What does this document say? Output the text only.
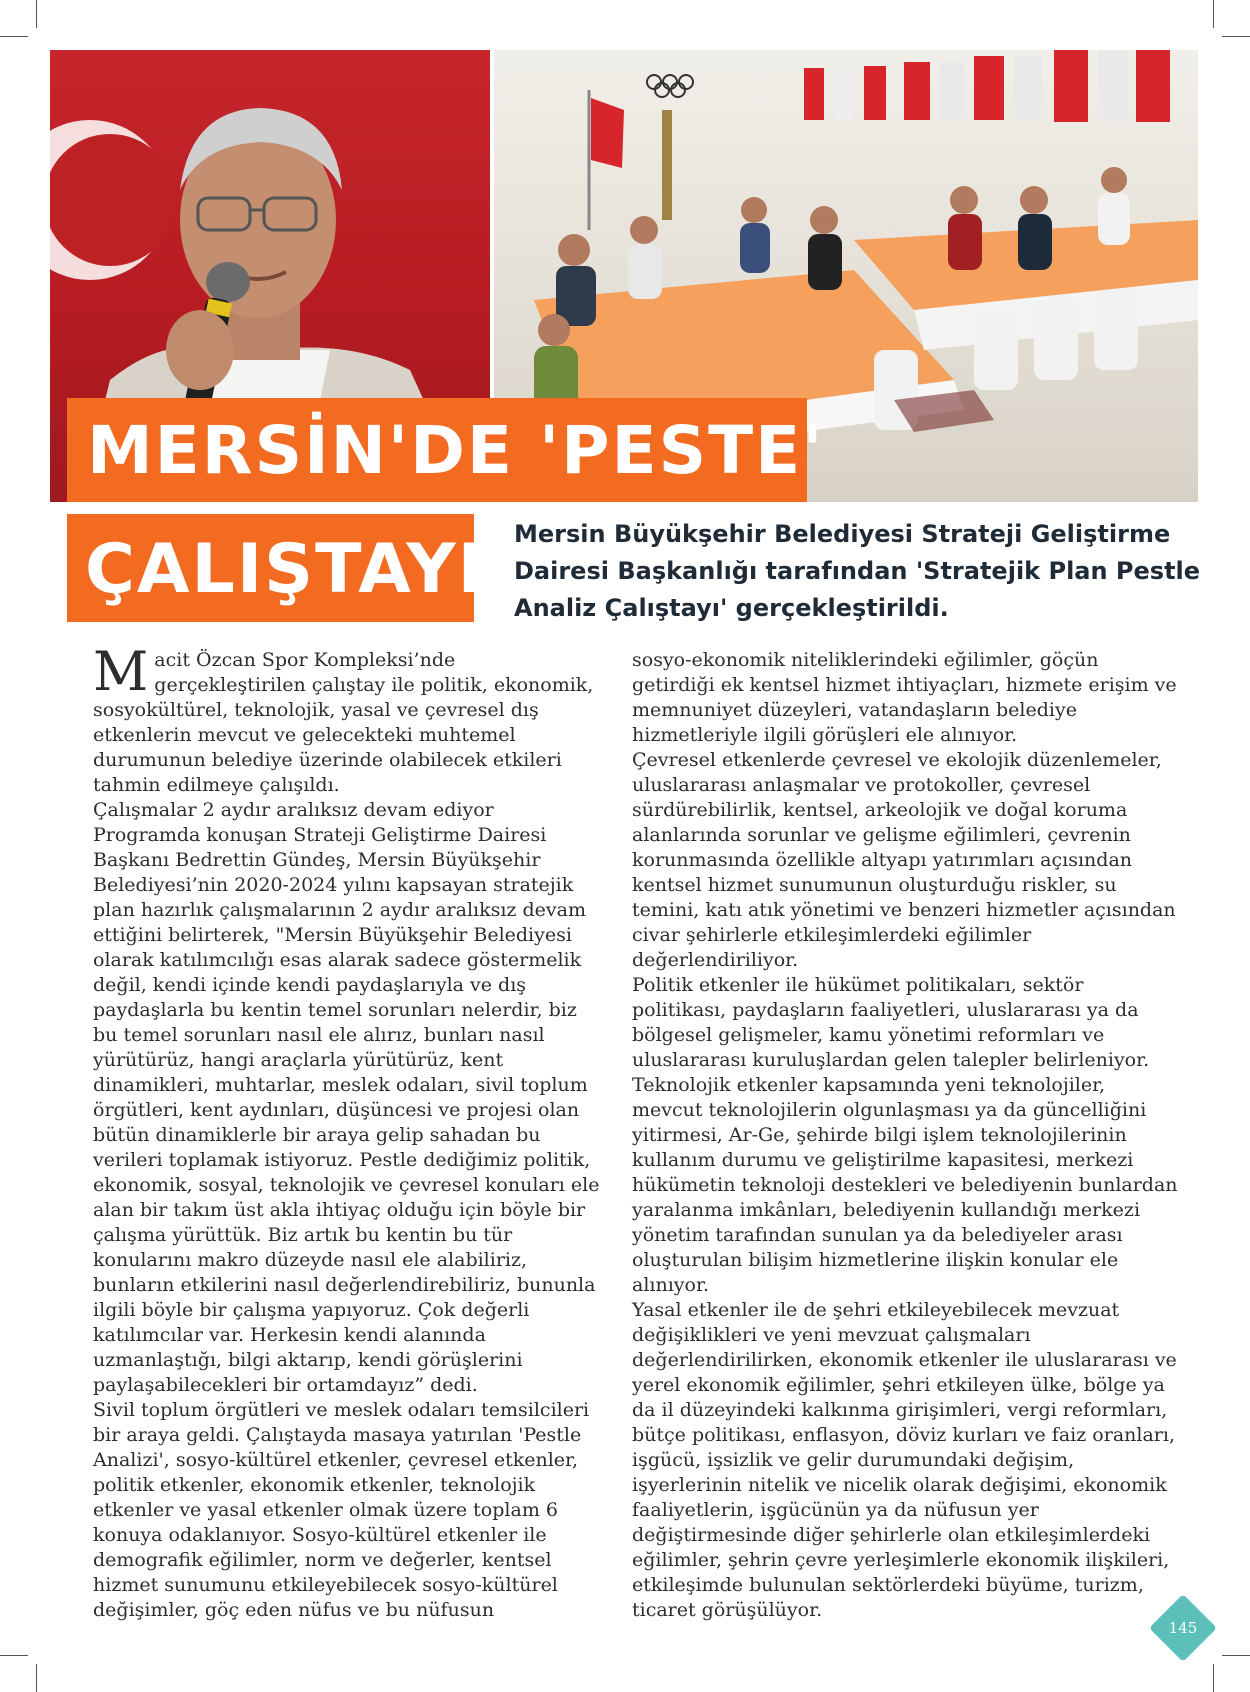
MERSİN'DE 'PESTE'
ÇALIŞTAYI Mersin Büyükşehir Belediyesi Strateji Geliştirme Dairesi Başkanlığı tarafından 'Stratejik Plan Pestle Analiz Çalıştayı' gerçekleştirildi.

Macit Özcan Spor Kompleksi’nde gerçekleştirilen çalıştay ile politik, ekonomik, sosyokültürel, teknolojik, yasal ve çevresel dış etkenlerin mevcut ve gelecekteki muhtemel durumunun belediye üzerinde olabilecek etkileri tahmin edilmeye çalışıldı.

Çalışmalar 2 aydır aralıksız devam ediyor

Programda konuşan Strateji Geliştirme Dairesi Başkanı Bedrettin Gündeş, Mersin Büyükşehir Belediyesi’nin 2020-2024 yılını kapsayan stratejik plan hazırlık çalışmalarının 2 aydır aralıksız devam ettiğini belirterek, "Mersin Büyükşehir Belediyesi olarak katılımcılığı esas alarak sadece göstermelik değil, kendi içinde kendi paydaşlarıyla ve dış paydaşlarla bu kentin temel sorunları nelerdir, biz bu temel sorunları nasıl ele alırız, bunları nasıl yürütürüz, hangi araçlarla yürütürüz, kent dinamikleri, muhtarlar, meslek odaları, sivil toplum örgütleri, kent aydınları, düşüncesi ve projesi olan bütün dinamiklerle bir araya gelip sahadan bu verileri toplamak istiyoruz. Pestle dediğimiz politik, ekonomik, sosyal, teknolojik ve çevresel konuları ele alan bir takım üst akla ihtiyaç olduğu için böyle bir çalışma yürüttük. Biz artık bu kentin bu tür konularını makro düzeyde nasıl ele alabiliriz, bunların etkilerini nasıl değerlendirebiliriz, bununla ilgili böyle bir çalışma yapıyoruz. Çok değerli katılımcılar var. Herkesin kendi alanında uzmanlaştığı, bilgi aktarıp, kendi görüşlerini paylaşabilecekleri bir ortamdayız” dedi.

Sivil toplum örgütleri ve meslek odaları temsilcileri bir araya geldi. Çalıştayda masaya yatırılan 'Pestle Analizi', sosyo-kültürel etkenler, çevresel etkenler, politik etkenler, ekonomik etkenler, teknolojik etkenler ve yasal etkenler olmak üzere toplam 6 konuya odaklanıyor. Sosyo-kültürel etkenler ile demografik eğilimler, norm ve değerler, kentsel hizmet sunumunu etkileyebilecek sosyo-kültürel değişimler, göç eden nüfus ve bu nüfusun

sosyo-ekonomik niteliklerindeki eğilimler, göçün getirdiği ek kentsel hizmet ihtiyaçları, hizmete erişim ve memnuniyet düzeyleri, vatandaşların belediye hizmetleriyle ilgili görüşleri ele alınıyor.

Çevresel etkenlerde çevresel ve ekolojik düzenlemeler, uluslararası anlaşmalar ve protokoller, çevresel sürdürebilirlik, kentsel, arkeolojik ve doğal koruma alanlarında sorunlar ve gelişme eğilimleri, çevrenin korunmasında özellikle altyapı yatırımları açısından kentsel hizmet sunumunun oluşturduğu riskler, su temini, katı atık yönetimi ve benzeri hizmetler açısından civar şehirlerle etkileşimlerdeki eğilimler değerlendiriliyor.

Politik etkenler ile hükümet politikaları, sektör politikası, paydaşların faaliyetleri, uluslararası ya da bölgesel gelişmeler, kamu yönetimi reformları ve uluslararası kuruluşlardan gelen talepler belirleniyor.

Teknolojik etkenler kapsamında yeni teknolojiler, mevcut teknolojilerin olgunlaşması ya da güncelliğini yitirmesi, Ar-Ge, şehirde bilgi işlem teknolojilerinin kullanım durumu ve geliştirilme kapasitesi, merkezi hükümetin teknoloji destekleri ve belediyenin bunlardan yaralanma imkânları, belediyenin kullandığı merkezi yönetim tarafından sunulan ya da belediyeler arası oluşturulan bilişim hizmetlerine ilişkin konular ele alınıyor.

Yasal etkenler ile de şehri etkileyebilecek mevzuat değişiklikleri ve yeni mevzuat çalışmaları değerlendirilirken, ekonomik etkenler ile uluslararası ve yerel ekonomik eğilimler, şehri etkileyen ülke, bölge ya da il düzeyindeki kalkınma girişimleri, vergi reformları, bütçe politikası, enflasyon, döviz kurları ve faiz oranları, işgücü, işsizlik ve gelir durumundaki değişim, işyerlerinin nitelik ve nicelik olarak değişimi, ekonomik faaliyetlerin, işgücünün ya da nüfusun yer değiştirmesinde diğer şehirlerle olan etkileşimlerdeki eğilimler, şehrin çevre yerleşimlerle ekonomik ilişkileri, etkileşimde bulunulan sektörlerdeki büyüme, turizm, ticaret görüşülüyor.

145
